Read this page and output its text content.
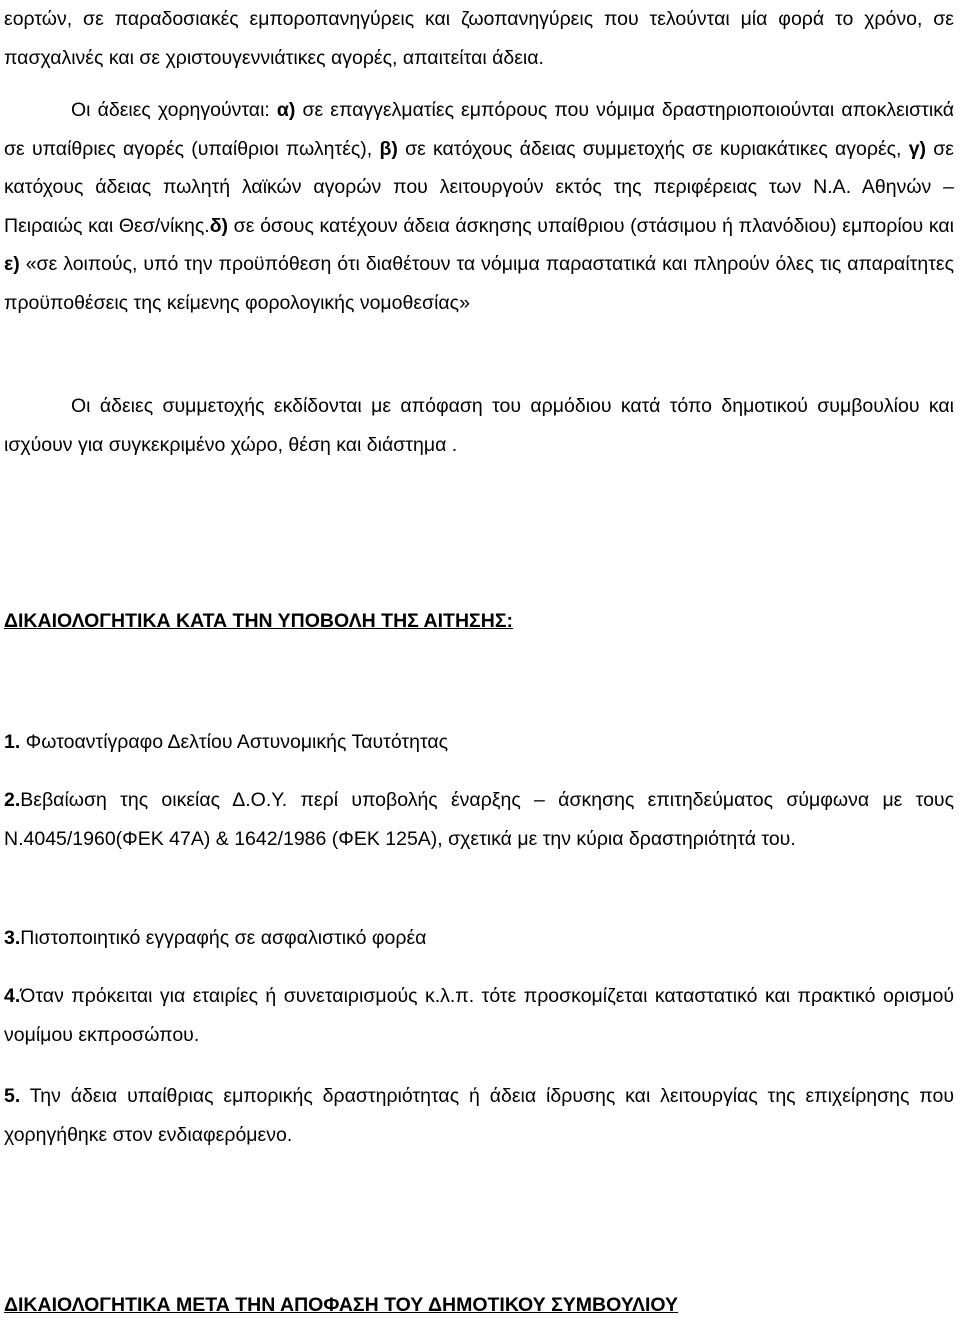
εορτών, σε παραδοσιακές εμποροπανηγύρεις και ζωοπανηγύρεις που τελούνται μία φορά το χρόνο, σε πασχαλινές και σε χριστουγεννιάτικες αγορές, απαιτείται άδεια.

Οι άδειες χορηγούνται: α) σε επαγγελματίες εμπόρους που νόμιμα δραστηριοποιούνται αποκλειστικά σε υπαίθριες αγορές (υπαίθριοι πωλητές), β) σε κατόχους άδειας συμμετοχής σε κυριακάτικες αγορές, γ) σε κατόχους άδειας πωλητή λαϊκών αγορών που λειτουργούν εκτός της περιφέρειας των Ν.Α. Αθηνών – Πειραιώς και Θεσ/νίκης.δ) σε όσους κατέχουν άδεια άσκησης υπαίθριου (στάσιμου ή πλανόδιου) εμπορίου και ε) «σε λοιπούς, υπό την προϋπόθεση ότι διαθέτουν τα νόμιμα παραστατικά και πληρούν όλες τις απαραίτητες προϋποθέσεις της κείμενης φορολογικής νομοθεσίας»

Οι άδειες συμμετοχής εκδίδονται με απόφαση του αρμόδιου κατά τόπο δημοτικού συμβουλίου και ισχύουν για συγκεκριμένο χώρο, θέση και διάστημα .

ΔΙΚΑΙΟΛΟΓΗΤΙΚΑ ΚΑΤΑ ΤΗΝ ΥΠΟΒΟΛΗ ΤΗΣ ΑΙΤΗΣΗΣ:

1. Φωτοαντίγραφο Δελτίου Αστυνομικής Ταυτότητας

2.Βεβαίωση της οικείας Δ.Ο.Υ. περί υποβολής έναρξης – άσκησης επιτηδεύματος σύμφωνα με τους Ν.4045/1960(ΦΕΚ 47Α) & 1642/1986 (ΦΕΚ 125Α), σχετικά με την κύρια δραστηριότητά του.

3.Πιστοποιητικό εγγραφής σε ασφαλιστικό φορέα

4.Όταν πρόκειται για εταιρίες ή συνεταιρισμούς κ.λ.π. τότε προσκομίζεται καταστατικό και πρακτικό ορισμού νομίμου εκπροσώπου.

5. Την άδεια υπαίθριας εμπορικής δραστηριότητας ή άδεια ίδρυσης και λειτουργίας της επιχείρησης που χορηγήθηκε στον ενδιαφερόμενο.

ΔΙΚΑΙΟΛΟΓΗΤΙΚΑ ΜΕΤΑ ΤΗΝ ΑΠΟΦΑΣΗ ΤΟΥ ΔΗΜΟΤΙΚΟΥ ΣΥΜΒΟΥΛΙΟΥ
